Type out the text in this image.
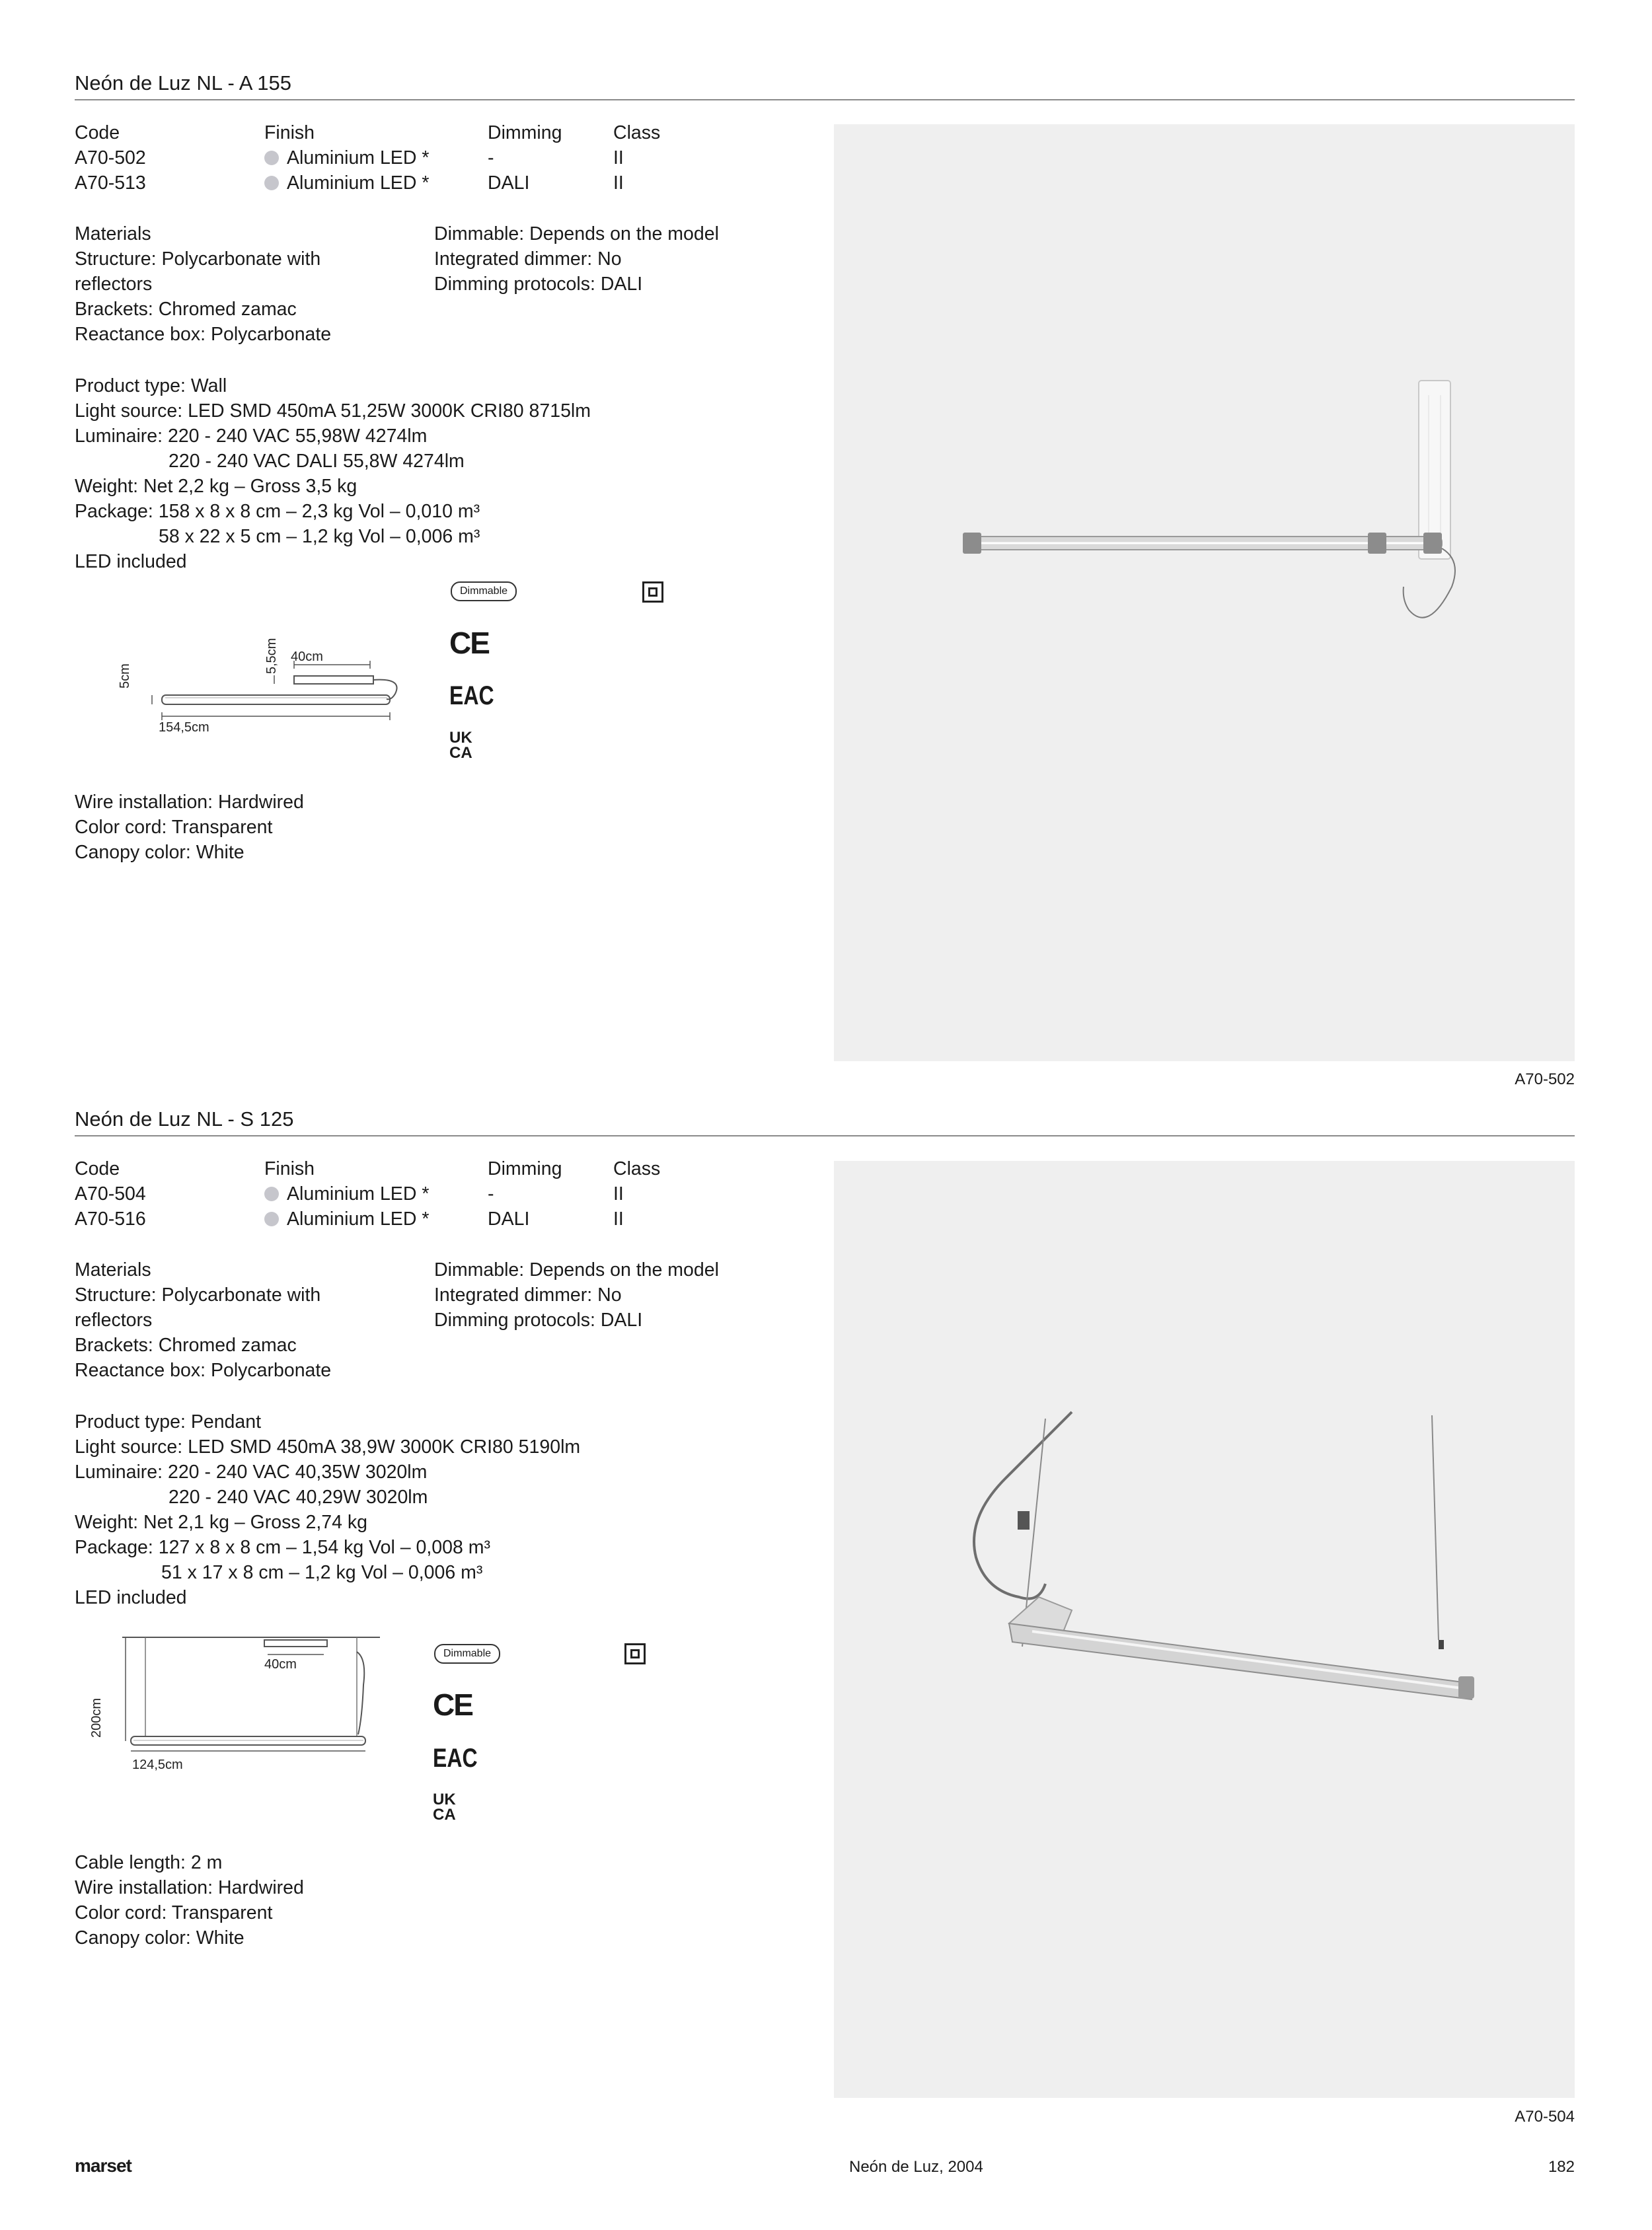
Neón de Luz NL - A 155
Code	Finish	Dimming	Class
A70-502	Aluminium LED *	-	II
A70-513	Aluminium LED *	DALI	II
Materials
Structure: Polycarbonate with
reflectors
Brackets: Chromed zamac
Reactance box: Polycarbonate
Dimmable: Depends on the model
Integrated dimmer: No
Dimming protocols: DALI
Product type: Wall
Light source: LED SMD 450mA 51,25W 3000K CRI80 8715lm
Luminaire: 220 - 240 VAC 55,98W 4274lm
220 - 240 VAC DALI 55,8W 4274lm
Weight: Net 2,2 kg – Gross 3,5 kg
Package: 158 x 8 x 8 cm – 2,3 kg Vol – 0,010 m³
58 x 22 x 5 cm – 1,2 kg Vol – 0,006 m³
LED included
40cm
154,5cm
5cm
5,5cm
Dimmable
CE
EAC
UK
CA
Wire installation: Hardwired
Color cord: Transparent
Canopy color: White
A70-502
Neón de Luz NL - S 125
Code	Finish	Dimming	Class
A70-504	Aluminium LED *	-	II
A70-516	Aluminium LED *	DALI	II
Materials
Structure: Polycarbonate with
reflectors
Brackets: Chromed zamac
Reactance box: Polycarbonate
Dimmable: Depends on the model
Integrated dimmer: No
Dimming protocols: DALI
Product type: Pendant
Light source: LED SMD 450mA 38,9W 3000K CRI80 5190lm
Luminaire: 220 - 240 VAC 40,35W 3020lm
220 - 240 VAC 40,29W 3020lm
Weight: Net 2,1 kg – Gross 2,74 kg
Package: 127 x 8 x 8 cm – 1,54 kg Vol – 0,008 m³
51 x 17 x 8 cm – 1,2 kg Vol – 0,006 m³
LED included
40cm
124,5cm
200cm
Dimmable
CE
EAC
UK
CA
Cable length: 2 m
Wire installation: Hardwired
Color cord: Transparent
Canopy color: White
A70-504
marset	Neón de Luz, 2004	182
